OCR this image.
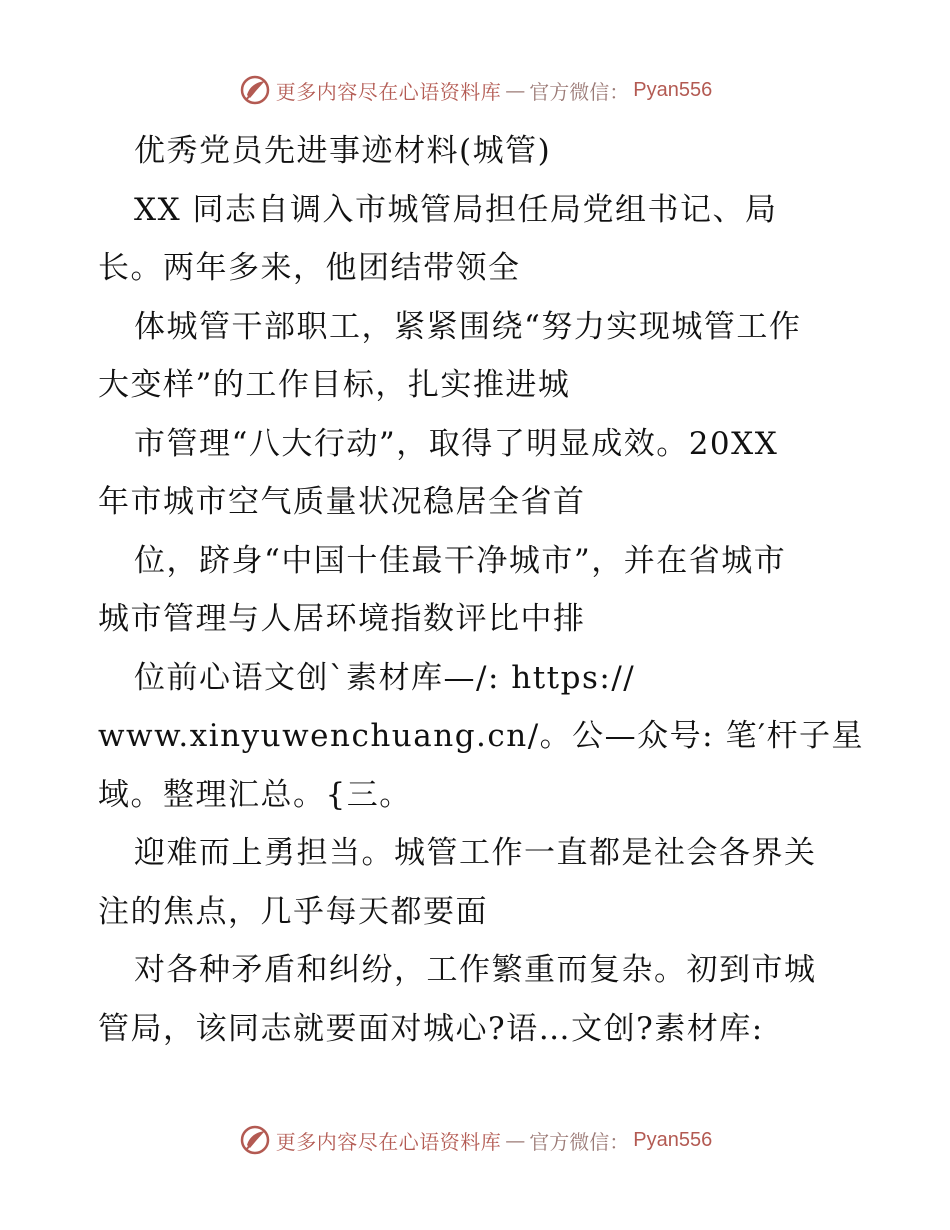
更多内容尽在心语资料库 — 官方微信： Pyan556
优秀党员先进事迹材料(城管)
XX 同志自调入市城管局担任局党组书记、局
长。两年多来，他团结带领全
体城管干部职工，紧紧围绕“努力实现城管工作
大变样”的工作目标，扎实推进城
市管理“八大行动”，取得了明显成效。20XX
年市城市空气质量状况稳居全省首
位，跻身“中国十佳最干净城市”，并在省城市
城市管理与人居环境指数评比中排
位前心语文创`素材库—/: https://
www.xinyuwenchuang.cn/。公—众号: 笔′杆子星
域。整理汇总。{三。
迎难而上勇担当。城管工作一直都是社会各界关
注的焦点，几乎每天都要面
对各种矛盾和纠纷，工作繁重而复杂。初到市城
管局，该同志就要面对城心?语…文创?素材库:
更多内容尽在心语资料库 — 官方微信： Pyan556
